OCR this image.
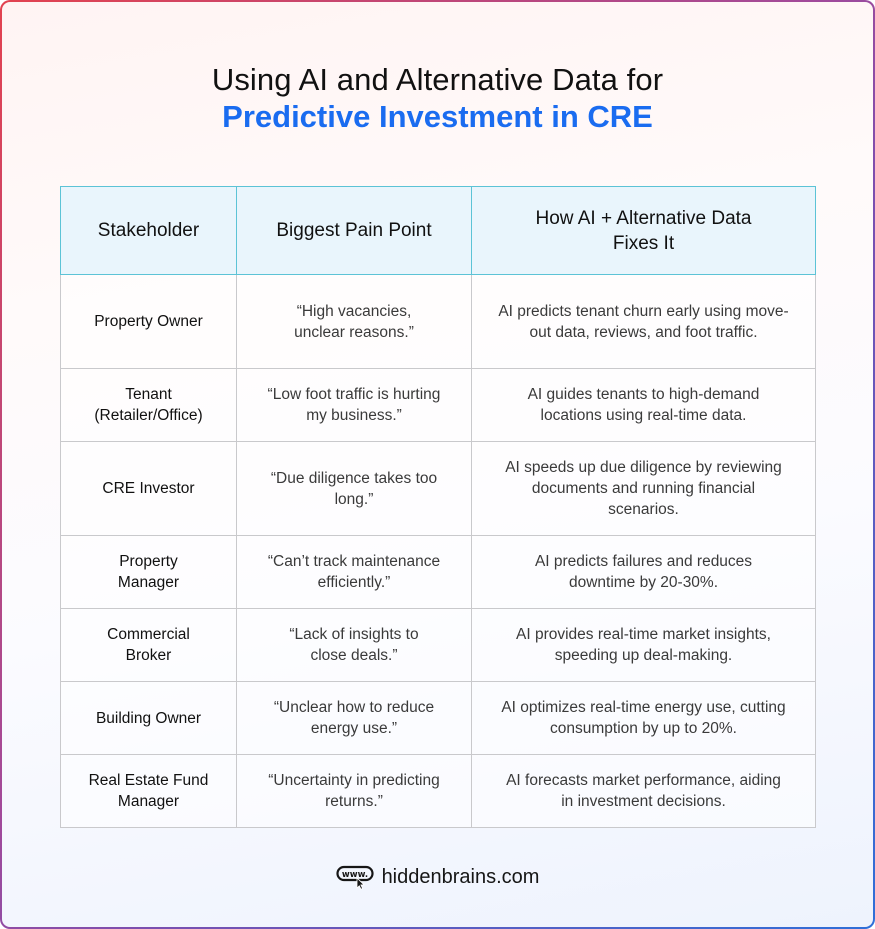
Using AI and Alternative Data for
Predictive Investment in CRE
Stakeholder	Biggest Pain Point	How AI + Alternative Data Fixes It
Property Owner	“High vacancies, unclear reasons.”	AI predicts tenant churn early using move-out data, reviews, and foot traffic.
Tenant (Retailer/Office)	“Low foot traffic is hurting my business.”	AI guides tenants to high-demand locations using real-time data.
CRE Investor	“Due diligence takes too long.”	AI speeds up due diligence by reviewing documents and running financial scenarios.
Property Manager	“Can’t track maintenance efficiently.”	AI predicts failures and reduces downtime by 20-30%.
Commercial Broker	“Lack of insights to close deals.”	AI provides real-time market insights, speeding up deal-making.
Building Owner	“Unclear how to reduce energy use.”	AI optimizes real-time energy use, cutting consumption by up to 20%.
Real Estate Fund Manager	“Uncertainty in predicting returns.”	AI forecasts market performance, aiding in investment decisions.
www. hiddenbrains.com
